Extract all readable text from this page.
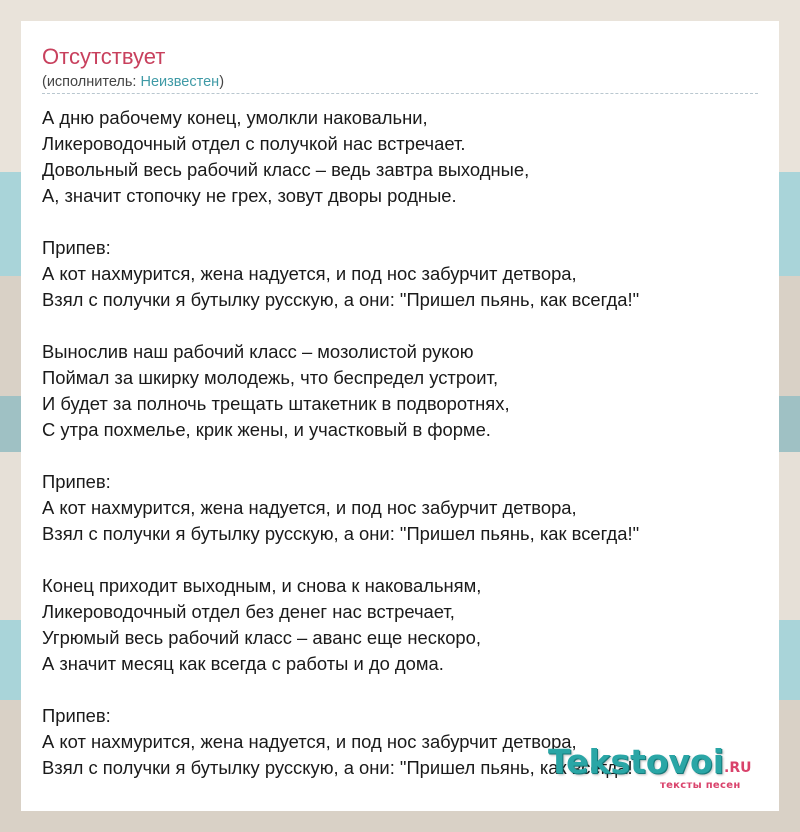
Отсутствует
(исполнитель: Неизвестен)
А дню рабочему конец, умолкли наковальни,
Ликероводочный отдел с получкой нас встречает.
Довольный весь рабочий класс – ведь завтра выходные,
А, значит стопочку не грех, зовут дворы родные.
Припев:
А кот нахмурится, жена надуется, и под нос забурчит детвора,
Взял с получки я бутылку русскую, а они: "Пришел пьянь, как всегда!"
Вынослив наш рабочий класс – мозолистой рукою
Поймал за шкирку молодежь, что беспредел устроит,
И будет за полночь трещать штакетник в подворотнях,
С утра похмелье, крик жены, и участковый в форме.
Припев:
А кот нахмурится, жена надуется, и под нос забурчит детвора,
Взял с получки я бутылку русскую, а они: "Пришел пьянь, как всегда!"
Конец приходит выходным, и снова к наковальням,
Ликероводочный отдел без денег нас встречает,
Угрюмый весь рабочий класс – аванс еще нескоро,
А значит месяц как всегда с работы и до дома.
Припев:
А кот нахмурится, жена надуется, и под нос забурчит детвора,
Взял с получки я бутылку русскую, а они: "Пришел пьянь, как всегда!"
Tekstovoi .RU
тексты песен
